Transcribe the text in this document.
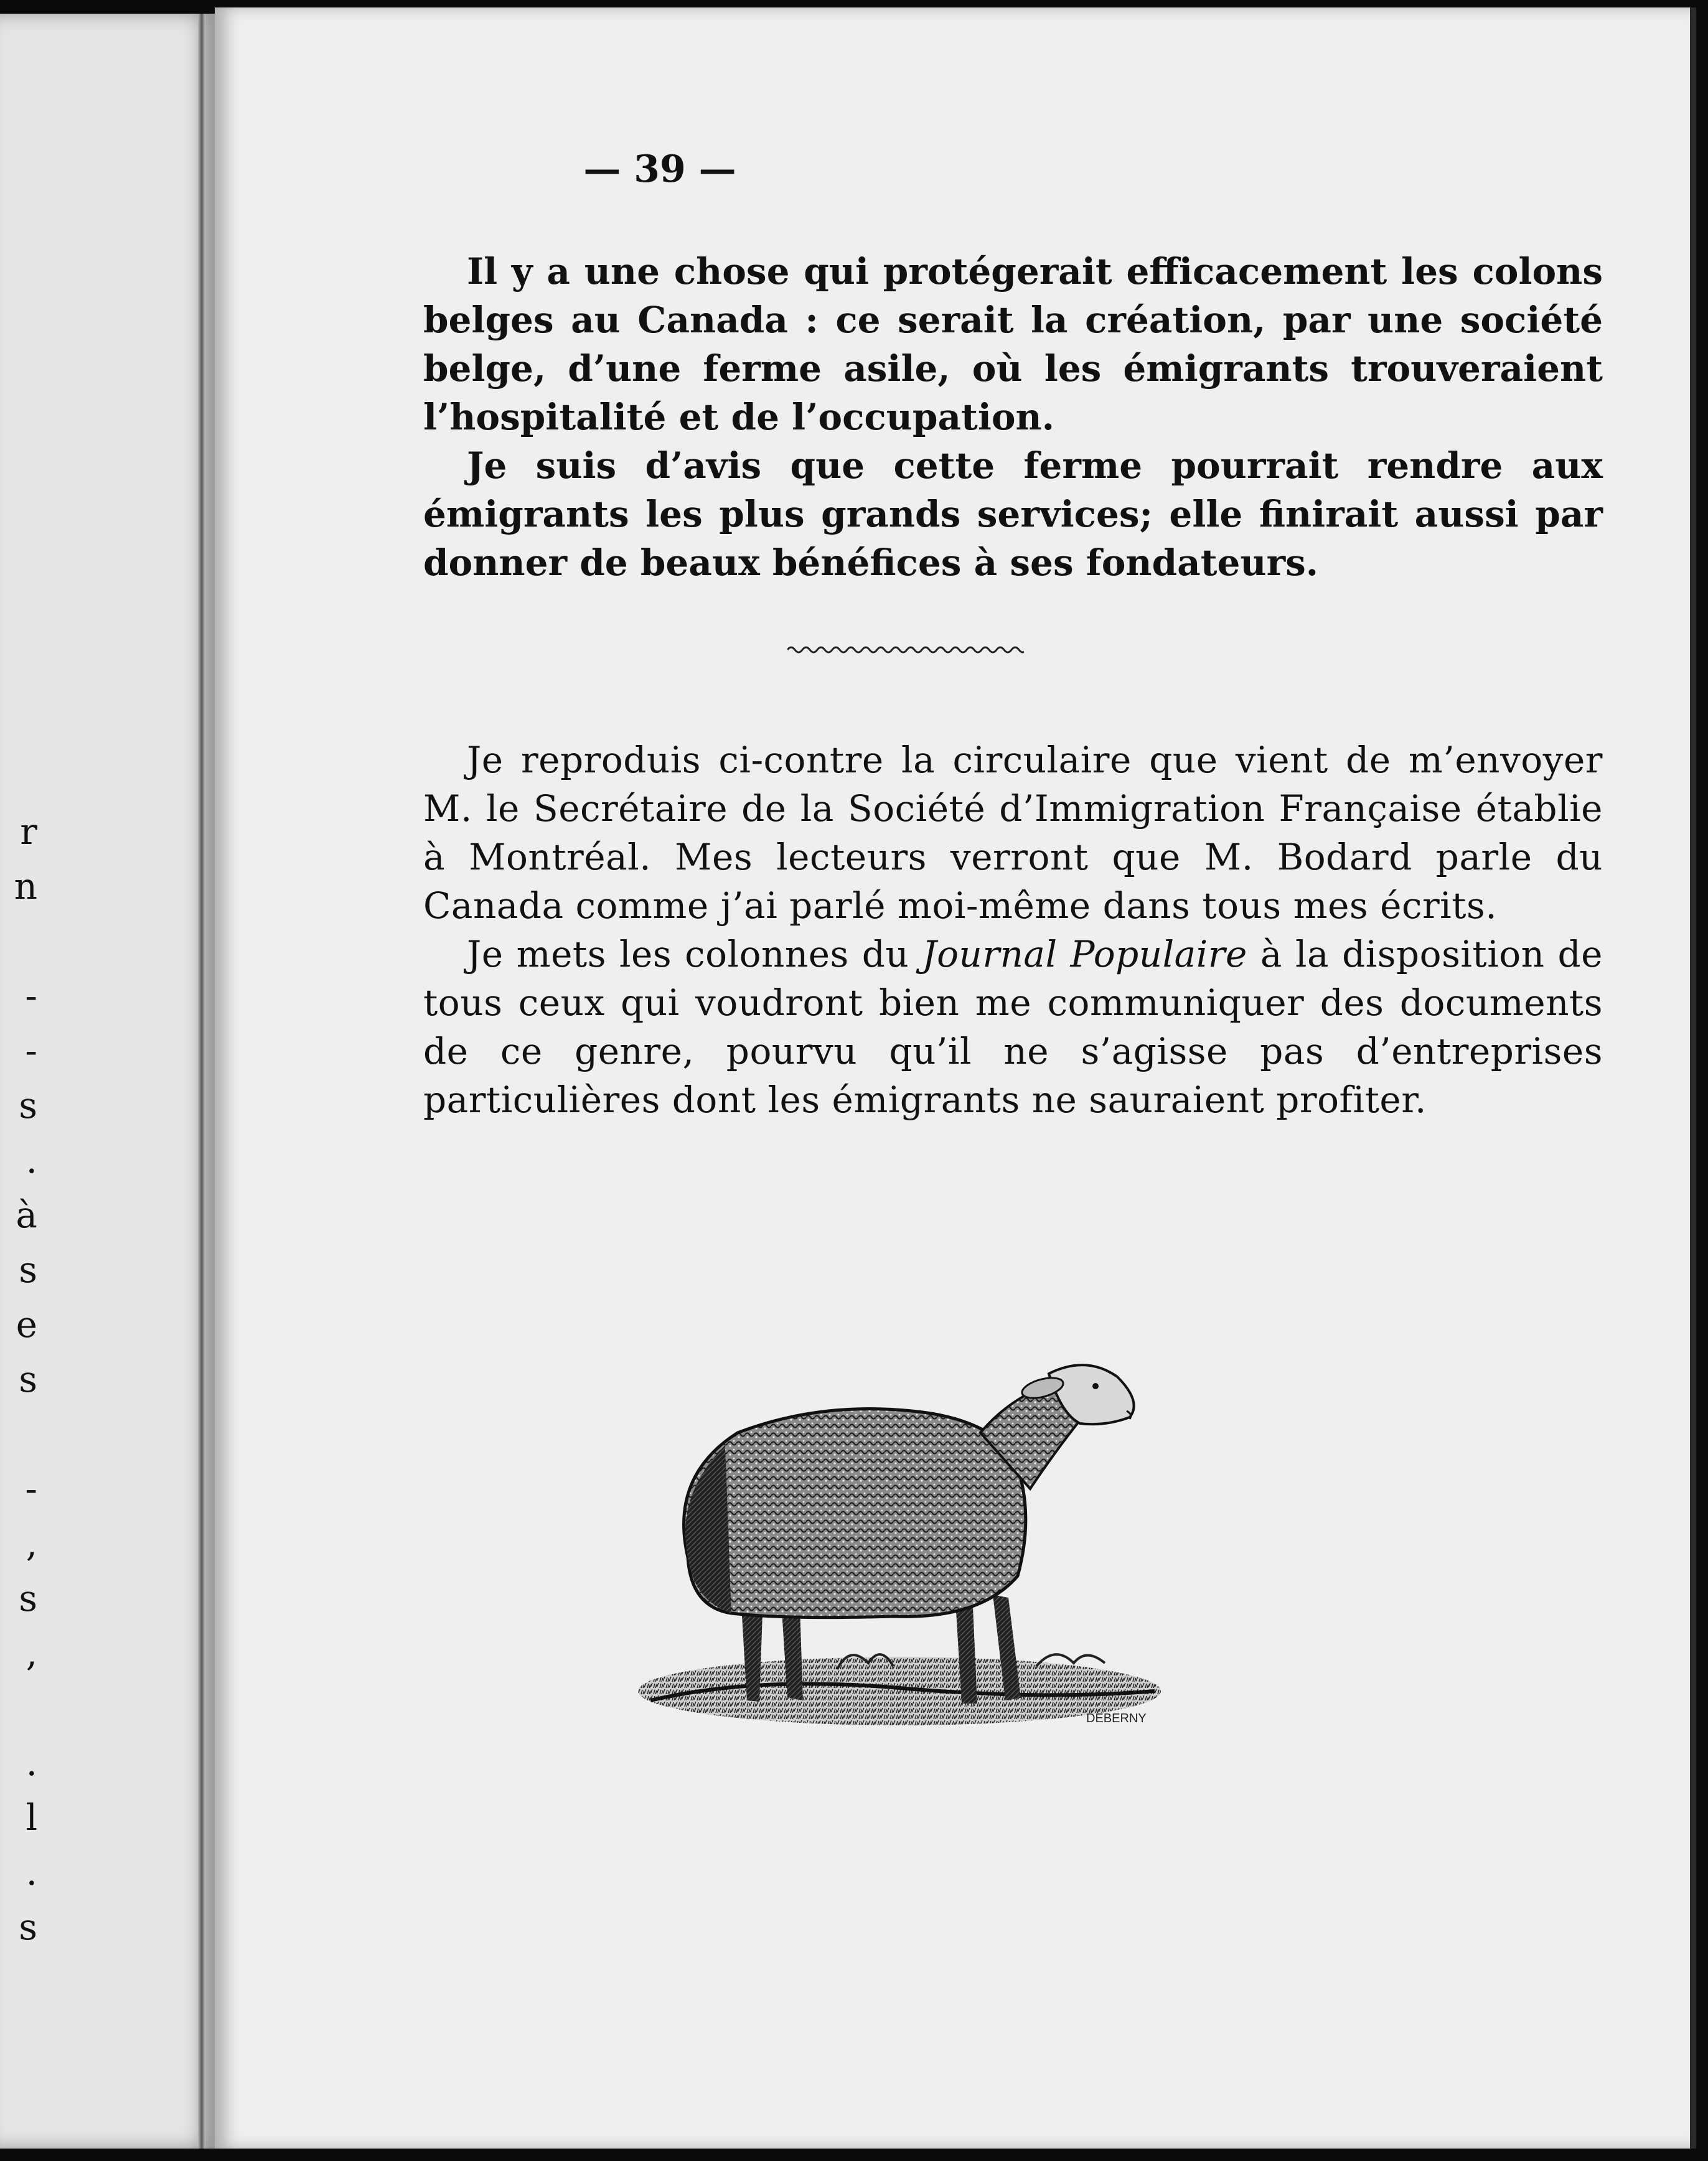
r
n
-
-
s
.
à
s
e
s
-
,
s
,
.
l
.
s
— 39 —

Il y a une chose qui protégerait efficacement les colons belges au Canada : ce serait la création, par une société belge, d’une ferme asile, où les émigrants trouveraient l’hospitalité et de l’occupation.

Je suis d’avis que cette ferme pourrait rendre aux émigrants les plus grands services; elle finirait aussi par donner de beaux bénéfices à ses fondateurs.

Je reproduis ci-contre la circulaire que vient de m’envoyer M. le Secrétaire de la Société d’Immigration Française établie à Montréal. Mes lecteurs verront que M. Bodard parle du Canada comme j’ai parlé moi-même dans tous mes écrits.

Je mets les colonnes du Journal Populaire à la disposition de tous ceux qui voudront bien me communiquer des documents de ce genre, pourvu qu’il ne s’agisse pas d’entreprises particulières dont les émigrants ne sauraient profiter.

DEBERNY
